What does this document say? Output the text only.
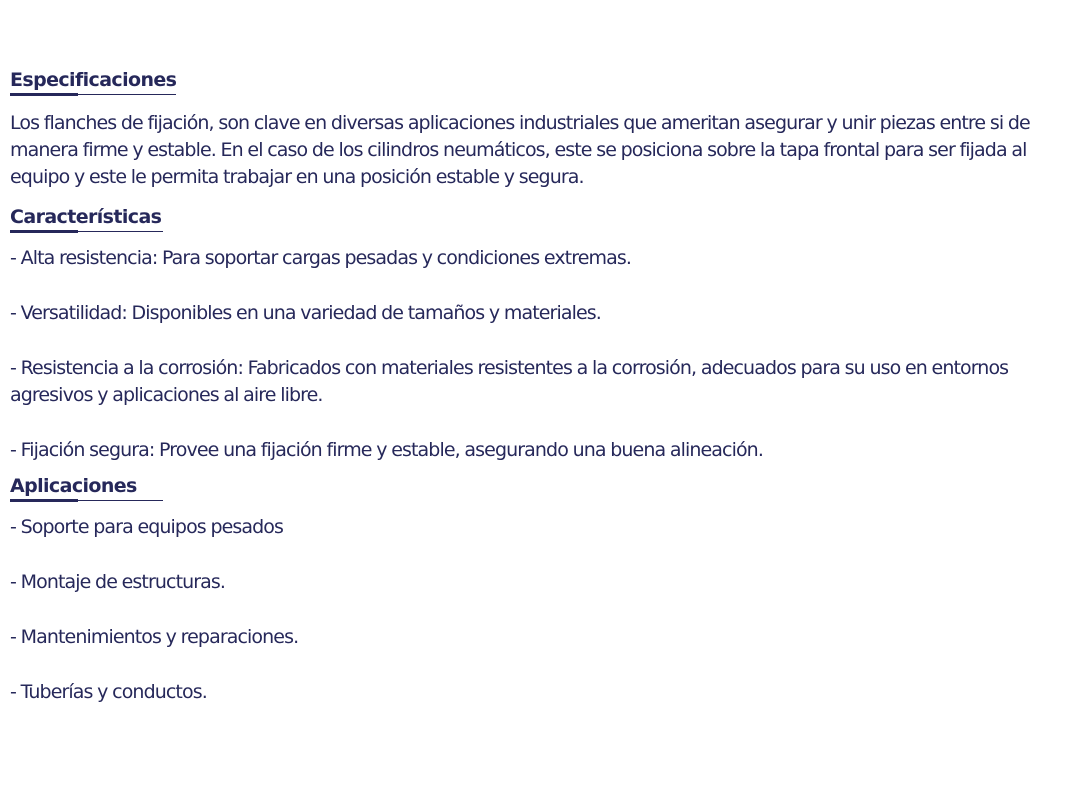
Especificaciones

Los flanches de fijación, son clave en diversas aplicaciones industriales que ameritan asegurar y unir piezas entre si de manera firme y estable. En el caso de los cilindros neumáticos, este se posiciona sobre la tapa frontal para ser fijada al equipo y este le permita trabajar en una posición estable y segura.

Características

- Alta resistencia: Para soportar cargas pesadas y condiciones extremas.

- Versatilidad: Disponibles en una variedad de tamaños y materiales.

- Resistencia a la corrosión: Fabricados con materiales resistentes a la corrosión, adecuados para su uso en entornos agresivos y aplicaciones al aire libre.

- Fijación segura: Provee una fijación firme y estable, asegurando una buena alineación.

Aplicaciones

- Soporte para equipos pesados

- Montaje de estructuras.

- Mantenimientos y reparaciones.

- Tuberías y conductos.
